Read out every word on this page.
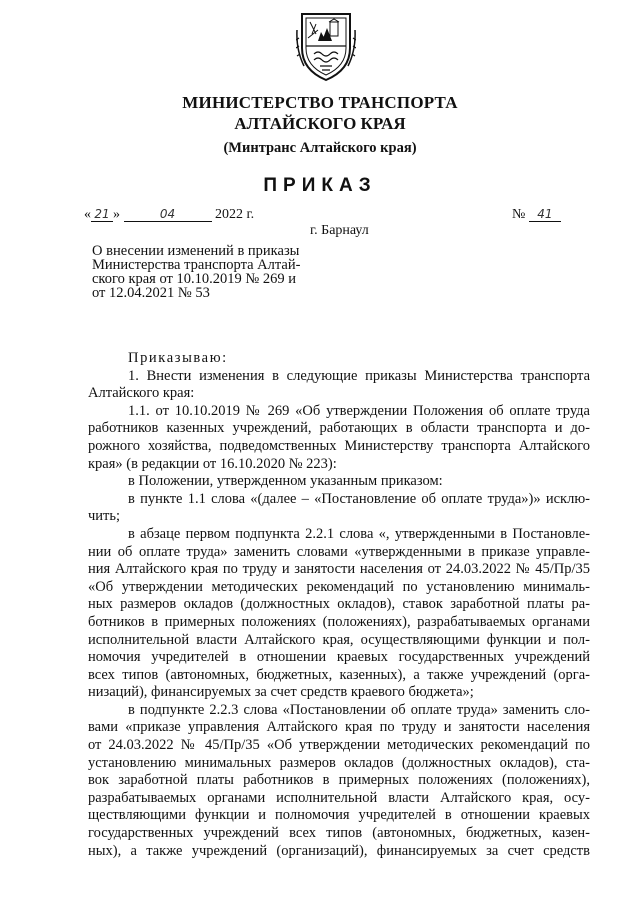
МИНИСТЕРСТВО ТРАНСПОРТА
АЛТАЙСКОГО КРАЯ
(Минтранс Алтайского края)
ПРИКАЗ
« 21 »	04	2022 г.	№ 41
г. Барнаул
О внесении изменений в приказы
Министерства транспорта Алтай-
ского края от 10.10.2019 № 269 и
от 12.04.2021 № 53
Приказываю:
1. Внести изменения в следующие приказы Министерства транспорта
Алтайского края:
1.1. от 10.10.2019 № 269 «Об утверждении Положения об оплате труда
работников казенных учреждений, работающих в области транспорта и до-
рожного хозяйства, подведомственных Министерству транспорта Алтайского
края» (в редакции от 16.10.2020 № 223):
в Положении, утвержденном указанным приказом:
в пункте 1.1 слова «(далее – «Постановление об оплате труда»)» исклю-
чить;
в абзаце первом подпункта 2.2.1 слова «, утвержденными в Постановле-
нии об оплате труда» заменить словами «утвержденными в приказе управле-
ния Алтайского края по труду и занятости населения от 24.03.2022 № 45/Пр/35
«Об утверждении методических рекомендаций по установлению минималь-
ных размеров окладов (должностных окладов), ставок заработной платы ра-
ботников в примерных положениях (положениях), разрабатываемых органами
исполнительной власти Алтайского края, осуществляющими функции и пол-
номочия учредителей в отношении краевых государственных учреждений
всех типов (автономных, бюджетных, казенных), а также учреждений (орга-
низаций), финансируемых за счет средств краевого бюджета»;
в подпункте 2.2.3 слова «Постановлении об оплате труда» заменить сло-
вами «приказе управления Алтайского края по труду и занятости населения
от 24.03.2022 № 45/Пр/35 «Об утверждении методических рекомендаций по
установлению минимальных размеров окладов (должностных окладов), ста-
вок заработной платы работников в примерных положениях (положениях),
разрабатываемых органами исполнительной власти Алтайского края, осу-
ществляющими функции и полномочия учредителей в отношении краевых
государственных учреждений всех типов (автономных, бюджетных, казен-
ных), а также учреждений (организаций), финансируемых за счет средств
